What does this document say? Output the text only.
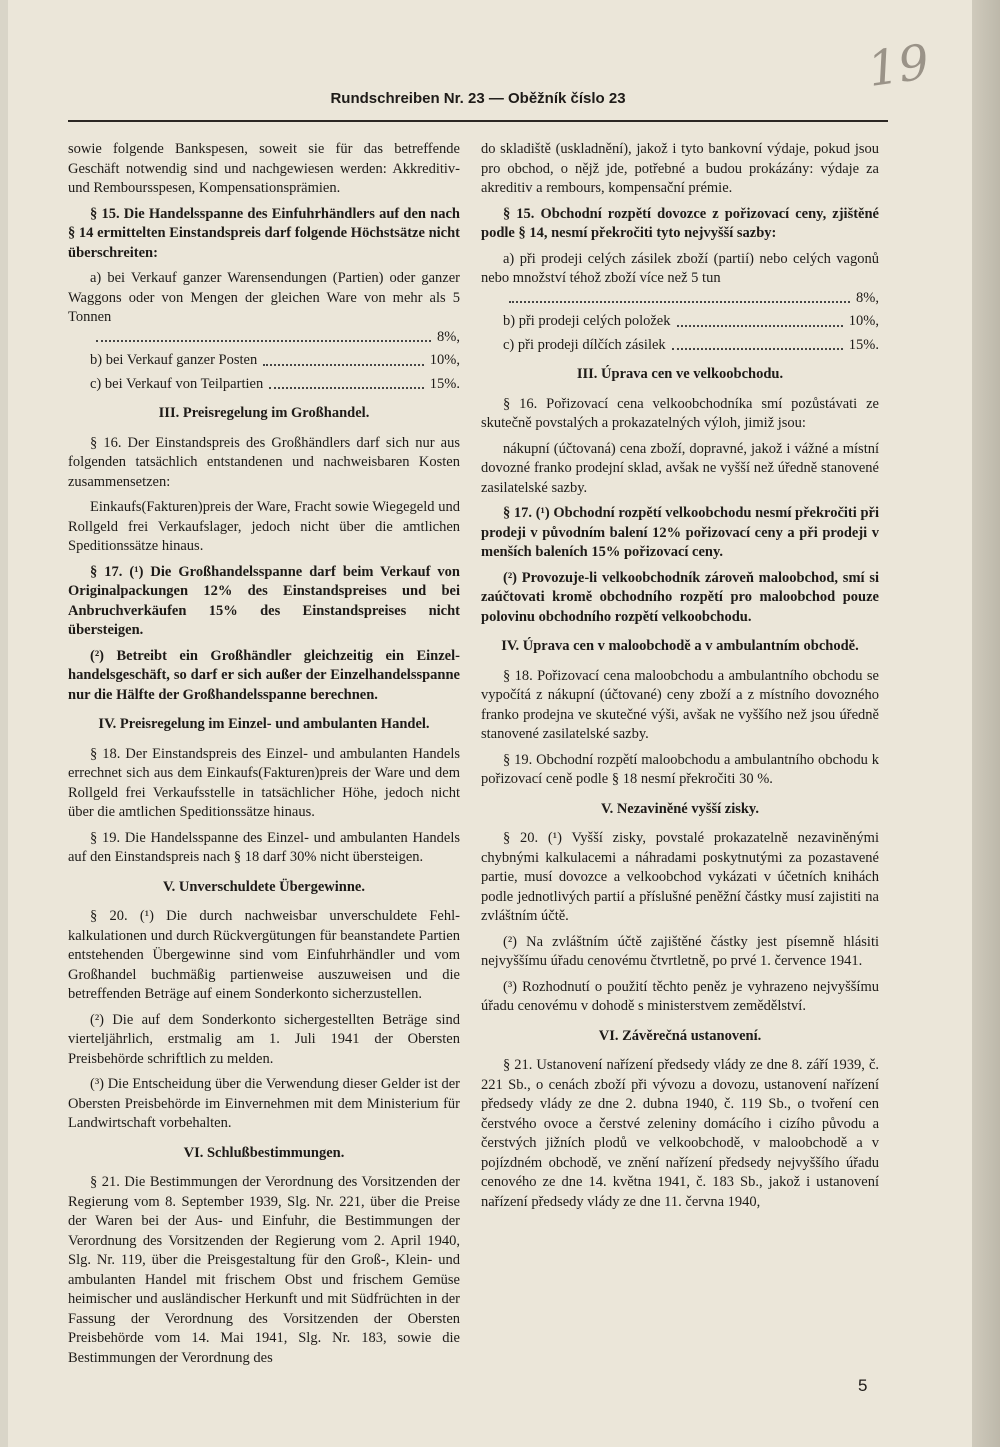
19
Rundschreiben Nr. 23 — Oběžník číslo 23

sowie folgende Bankspesen, soweit sie für das betreffende Geschäft notwendig sind und nachgewiesen werden: Akkreditiv- und Remboursspesen, Kompensationsprämien.

§ 15. Die Handelsspanne des Einfuhrhändlers auf den nach § 14 ermittelten Einstandspreis darf folgende Höchstsätze nicht überschreiten:

a) bei Verkauf ganzer Warensendungen (Partien) oder ganzer Waggons oder von Mengen der gleichen Ware von mehr als 5 Tonnen

8%,
b) bei Verkauf ganzer Posten	10%,
c) bei Verkauf von Teilpartien	15%.
III. Preisregelung im Großhandel.

§ 16. Der Einstandspreis des Großhändlers darf sich nur aus folgenden tatsächlich entstandenen und nachweisbaren Kosten zusammensetzen:

Einkaufs(Fakturen)preis der Ware, Fracht sowie Wiegegeld und Rollgeld frei Verkaufslager, jedoch nicht über die amtlichen Speditionssätze hinaus.

§ 17. (¹) Die Großhandelsspanne darf beim Verkauf von Originalpackungen 12% des Einstandspreises und bei Anbruchverkäufen 15% des Einstandspreises nicht übersteigen.

(²) Betreibt ein Großhändler gleichzeitig ein Einzelhandelsgeschäft, so darf er sich außer der Einzelhandelsspanne nur die Hälfte der Großhandelsspanne berechnen.

IV. Preisregelung im Einzel- und ambulanten Handel.

§ 18. Der Einstandspreis des Einzel- und ambulanten Handels errechnet sich aus dem Einkaufs(Fakturen)preis der Ware und dem Rollgeld frei Verkaufsstelle in tatsächlicher Höhe, jedoch nicht über die amtlichen Speditionssätze hinaus.

§ 19. Die Handelsspanne des Einzel- und ambulanten Handels auf den Einstandspreis nach § 18 darf 30% nicht übersteigen.

V. Unverschuldete Übergewinne.

§ 20. (¹) Die durch nachweisbar unverschuldete Fehlkalkulationen und durch Rückvergütungen für beanstandete Partien entstehenden Übergewinne sind vom Einfuhrhändler und vom Großhandel buchmäßig partienweise auszuweisen und die betreffenden Beträge auf einem Sonderkonto sicherzustellen.

(²) Die auf dem Sonderkonto sichergestellten Beträge sind vierteljährlich, erstmalig am 1. Juli 1941 der Obersten Preisbehörde schriftlich zu melden.

(³) Die Entscheidung über die Verwendung dieser Gelder ist der Obersten Preisbehörde im Einvernehmen mit dem Ministerium für Landwirtschaft vorbehalten.

VI. Schlußbestimmungen.

§ 21. Die Bestimmungen der Verordnung des Vorsitzenden der Regierung vom 8. September 1939, Slg. Nr. 221, über die Preise der Waren bei der Aus- und Einfuhr, die Bestimmungen der Verordnung des Vorsitzenden der Regierung vom 2. April 1940, Slg. Nr. 119, über die Preisgestaltung für den Groß-, Klein- und ambulanten Handel mit frischem Obst und frischem Gemüse heimischer und ausländischer Herkunft und mit Südfrüchten in der Fassung der Verordnung des Vorsitzenden der Obersten Preisbehörde vom 14. Mai 1941, Slg. Nr. 183, sowie die Bestimmungen der Verordnung des

do skladiště (uskladnění), jakož i tyto bankovní výdaje, pokud jsou pro obchod, o nějž jde, potřebné a budou prokázány: výdaje za akreditiv a rembours, kompensační prémie.

§ 15. Obchodní rozpětí dovozce z pořizovací ceny, zjištěné podle § 14, nesmí překročiti tyto nejvyšší sazby:

a) při prodeji celých zásilek zboží (partií) nebo celých vagonů nebo množství téhož zboží více než 5 tun

8%,
b) při prodeji celých položek	10%,
c) při prodeji dílčích zásilek	15%.
III. Úprava cen ve velkoobchodu.

§ 16. Pořizovací cena velkoobchodníka smí pozůstávati ze skutečně povstalých a prokazatelných výloh, jimiž jsou:

nákupní (účtovaná) cena zboží, dopravné, jakož i vážné a místní dovozné franko prodejní sklad, avšak ne vyšší než úředně stanovené zasilatelské sazby.

§ 17. (¹) Obchodní rozpětí velkoobchodu nesmí překročiti při prodeji v původním balení 12% pořizovací ceny a při prodeji v menších baleních 15% pořizovací ceny.

(²) Provozuje-li velkoobchodník zároveň maloobchod, smí si zaúčtovati kromě obchodního rozpětí pro maloobchod pouze polovinu obchodního rozpětí velkoobchodu.

IV. Úprava cen v maloobchodě a v ambulantním obchodě.

§ 18. Pořizovací cena maloobchodu a ambulantního obchodu se vypočítá z nákupní (účtované) ceny zboží a z místního dovozného franko prodejna ve skutečné výši, avšak ne vyššího než jsou úředně stanovené zasilatelské sazby.

§ 19. Obchodní rozpětí maloobchodu a ambulantního obchodu k pořizovací ceně podle § 18 nesmí překročiti 30 %.

V. Nezaviněné vyšší zisky.

§ 20. (¹) Vyšší zisky, povstalé prokazatelně nezaviněnými chybnými kalkulacemi a náhradami poskytnutými za pozastavené partie, musí dovozce a velkoobchod vykázati v účetních knihách podle jednotlivých partií a příslušné peněžní částky musí zajistiti na zvláštním účtě.

(²) Na zvláštním účtě zajištěné částky jest písemně hlásiti nejvyššímu úřadu cenovému čtvrtletně, po prvé 1. července 1941.

(³) Rozhodnutí o použití těchto peněz je vyhrazeno nejvyššímu úřadu cenovému v dohodě s ministerstvem zemědělství.

VI. Závěrečná ustanovení.

§ 21. Ustanovení nařízení předsedy vlády ze dne 8. září 1939, č. 221 Sb., o cenách zboží při vývozu a dovozu, ustanovení nařízení předsedy vlády ze dne 2. dubna 1940, č. 119 Sb., o tvoření cen čerstvého ovoce a čerstvé zeleniny domácího i cizího původu a čerstvých jižních plodů ve velkoobchodě, v maloobchodě a v pojízdném obchodě, ve znění nařízení předsedy nejvyššího úřadu cenového ze dne 14. května 1941, č. 183 Sb., jakož i ustanovení nařízení předsedy vlády ze dne 11. června 1940,

5
